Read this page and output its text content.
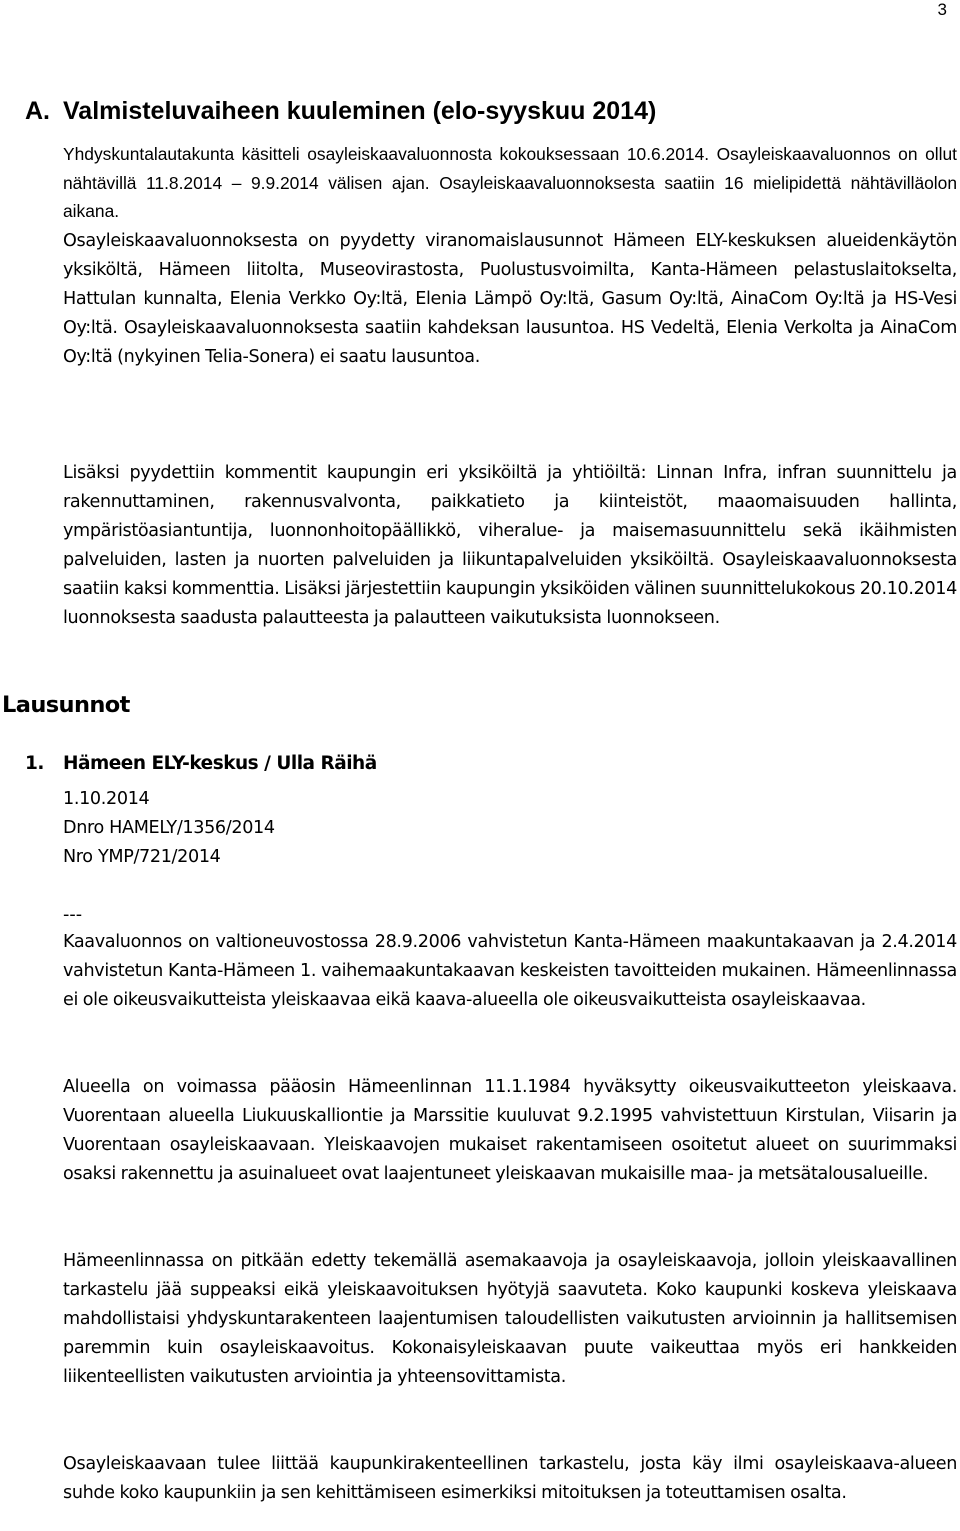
3
A. Valmisteluvaiheen kuuleminen (elo-syyskuu 2014)

Yhdyskuntalautakunta käsitteli osayleiskaavaluonnosta kokouksessaan 10.6.2014. Osayleiskaavaluonnos on ollut nähtävillä 11.8.2014 – 9.9.2014 välisen ajan. Osayleiskaavaluonnoksesta saatiin 16 mielipidettä nähtävilläolon aikana.

Osayleiskaavaluonnoksesta on pyydetty viranomaislausunnot Hämeen ELY-keskuksen alueidenkäytön yksiköltä, Hämeen liitolta, Museovirastosta, Puolustusvoimilta, Kanta-Hämeen pelastuslaitokselta, Hattulan kunnalta, Elenia Verkko Oy:ltä, Elenia Lämpö Oy:ltä, Gasum Oy:ltä, AinaCom Oy:ltä ja HS-Vesi Oy:ltä. Osayleiskaavaluonnoksesta saatiin kahdeksan lausuntoa. HS Vedeltä, Elenia Verkolta ja AinaCom Oy:ltä (nykyinen Telia-Sonera) ei saatu lausuntoa.

Lisäksi pyydettiin kommentit kaupungin eri yksiköiltä ja yhtiöiltä: Linnan Infra, infran suunnittelu ja rakennuttaminen, rakennusvalvonta, paikkatieto ja kiinteistöt, maaomaisuuden hallinta, ympäristöasiantuntija, luonnonhoitopäällikkö, viheralue- ja maisemasuunnittelu sekä ikäihmisten palveluiden, lasten ja nuorten palveluiden ja liikuntapalveluiden yksiköiltä. Osayleiskaavaluonnoksesta saatiin kaksi kommenttia. Lisäksi järjestettiin kaupungin yksiköiden välinen suunnittelukokous 20.10.2014 luonnoksesta saadusta palautteesta ja palautteen vaikutuksista luonnokseen.

Lausunnot
1. Hämeen ELY-keskus / Ulla Räihä
1.10.2014
Dnro HAMELY/1356/2014
Nro YMP/721/2014
---

Kaavaluonnos on valtioneuvostossa 28.9.2006 vahvistetun Kanta-Hämeen maakuntakaavan ja 2.4.2014 vahvistetun Kanta-Hämeen 1. vaihemaakuntakaavan keskeisten tavoitteiden mukainen. Hämeenlinnassa ei ole oikeusvaikutteista yleiskaavaa eikä kaava-alueella ole oikeusvaikutteista osayleiskaavaa.

Alueella on voimassa pääosin Hämeenlinnan 11.1.1984 hyväksytty oikeusvaikutteeton yleiskaava. Vuorentaan alueella Liukuuskalliontie ja Marssitie kuuluvat 9.2.1995 vahvistettuun Kirstulan, Viisarin ja Vuorentaan osayleiskaavaan. Yleiskaavojen mukaiset rakentamiseen osoitetut alueet on suurimmaksi osaksi rakennettu ja asuinalueet ovat laajentuneet yleiskaavan mukaisille maa- ja metsätalousalueille.

Hämeenlinnassa on pitkään edetty tekemällä asemakaavoja ja osayleiskaavoja, jolloin yleiskaavallinen tarkastelu jää suppeaksi eikä yleiskaavoituksen hyötyjä saavuteta. Koko kaupunki koskeva yleiskaava mahdollistaisi yhdyskuntarakenteen laajentumisen taloudellisten vaikutusten arvioinnin ja hallitsemisen paremmin kuin osayleiskaavoitus. Kokonaisyleiskaavan puute vaikeuttaa myös eri hankkeiden liikenteellisten vaikutusten arviointia ja yhteensovittamista.

Osayleiskaavaan tulee liittää kaupunkirakenteellinen tarkastelu, josta käy ilmi osayleiskaava-alueen suhde koko kaupunkiin ja sen kehittämiseen esimerkiksi mitoituksen ja toteuttamisen osalta.
